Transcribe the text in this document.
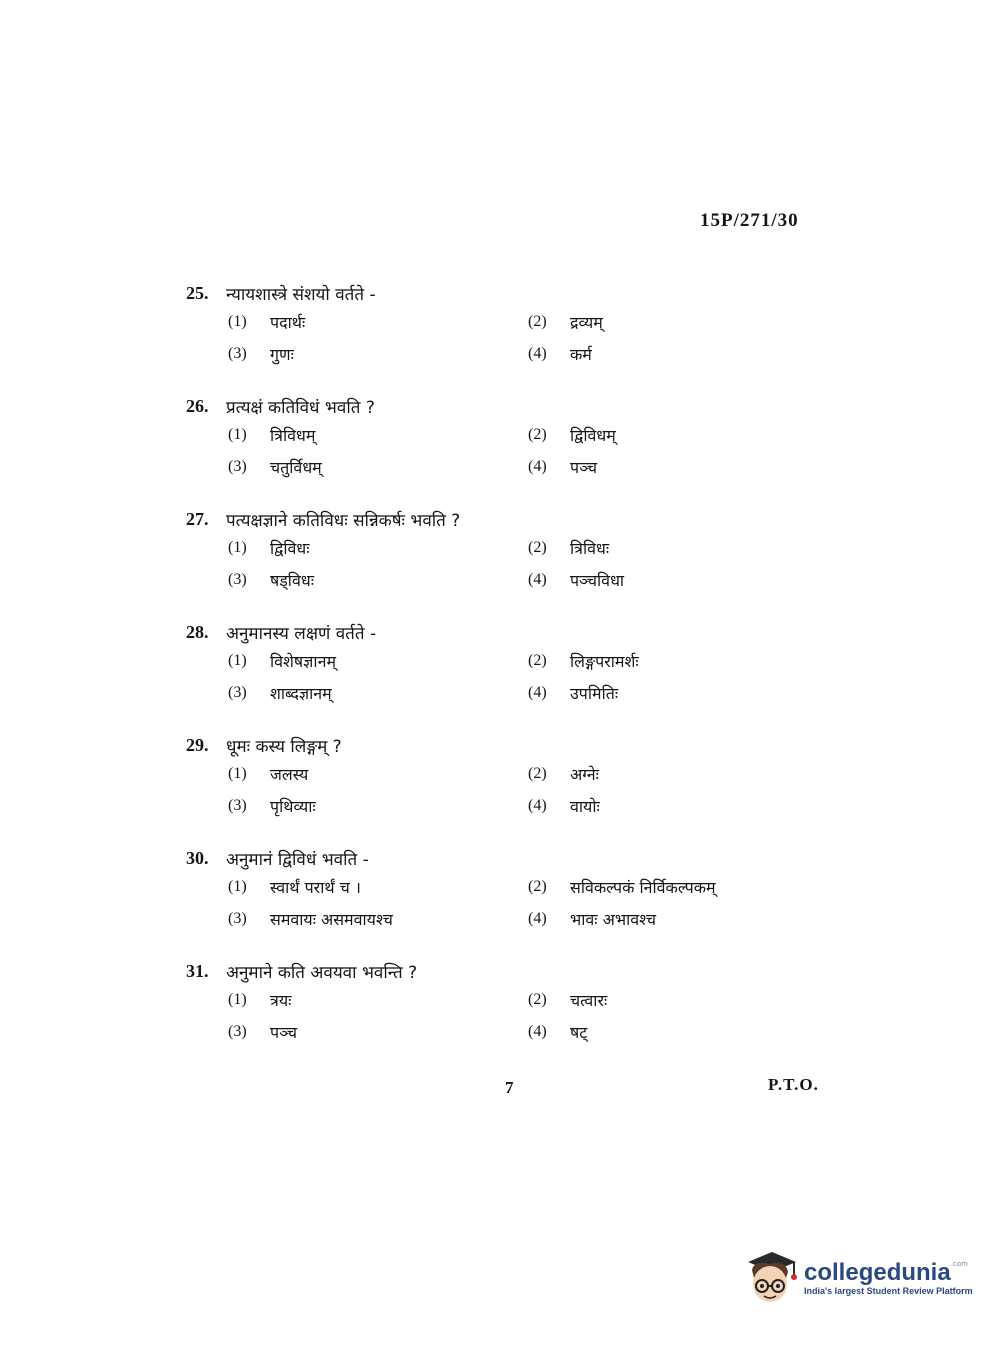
15P/271/30
25.	न्यायशास्त्रे संशयो वर्तते -
(1)	पदार्थः	(2)	द्रव्यम्
(3)	गुणः	(4)	कर्म
26.	प्रत्यक्षं कतिविधं भवति ?
(1)	त्रिविधम्	(2)	द्विविधम्
(3)	चतुर्विधम्	(4)	पञ्च
27.	पत्यक्षज्ञाने कतिविधः सन्निकर्षः भवति ?
(1)	द्विविधः	(2)	त्रिविधः
(3)	षड्विधः	(4)	पञ्चविधा
28.	अनुमानस्य लक्षणं वर्तते -
(1)	विशेषज्ञानम्	(2)	लिङ्गपरामर्शः
(3)	शाब्दज्ञानम्	(4)	उपमितिः
29.	धूमः कस्य लिङ्गम् ?
(1)	जलस्य	(2)	अग्नेः
(3)	पृथिव्याः	(4)	वायोः
30.	अनुमानं द्विविधं भवति -
(1)	स्वार्थं परार्थं च ।	(2)	सविकल्पकं निर्विकल्पकम्
(3)	समवायः असमवायश्च	(4)	भावः अभावश्च
31.	अनुमाने कति अवयवा भवन्ति ?
(1)	त्रयः	(2)	चत्वारः
(3)	पञ्च	(4)	षट्
7	P.T.O.
collegedunia$^{.com}$
India's largest Student Review Platform
